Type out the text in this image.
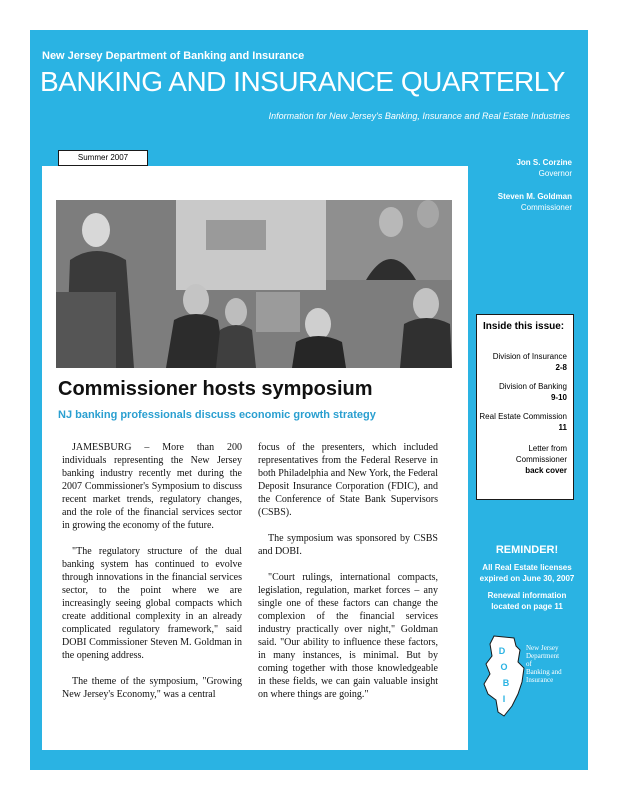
New Jersey Department of Banking and Insurance
BANKING AND INSURANCE QUARTERLY
Information for New Jersey's Banking, Insurance and Real Estate Industries
Summer 2007
Commissioner hosts symposium
NJ banking professionals discuss economic growth strategy

JAMESBURG – More than 200 individuals representing the New Jersey banking industry recently met during the 2007 Commissioner's Symposium to discuss recent market trends, regulatory changes, and the role of the financial services sector in growing the economy of the future.

"The regulatory structure of the dual banking system has continued to evolve through innovations in the financial services sector, to the point where we are increasingly seeing global compacts which create additional complexity in an already complicated regulatory framework," said DOBI Commissioner Steven M. Goldman in the opening address.

The theme of the symposium, "Growing New Jersey's Economy," was a central

focus of the presenters, which included representatives from the Federal Reserve in both Philadelphia and New York, the Federal Deposit Insurance Corporation (FDIC), and the Conference of State Bank Supervisors (CSBS).

The symposium was sponsored by CSBS and DOBI.

"Court rulings, international compacts, legislation, regulation, market forces – any single one of these factors can change the complexion of the financial services industry practically over night," Goldman said. "Our ability to influence these factors, in many instances, is minimal. But by coming together with those knowledgeable in these fields, we can gain valuable insight on where things are going."

Jon S. Corzine
Governor
Steven M. Goldman
Commissioner
Inside this issue:
Division of Insurance
2-8
Division of Banking
9-10
Real Estate Commission
11
Letter from Commissioner
back cover
REMINDER!

All Real Estate licenses expired on June 30, 2007

Renewal information located on page 11

D
O
B
I
New Jersey
Department
of
Banking and
Insurance
